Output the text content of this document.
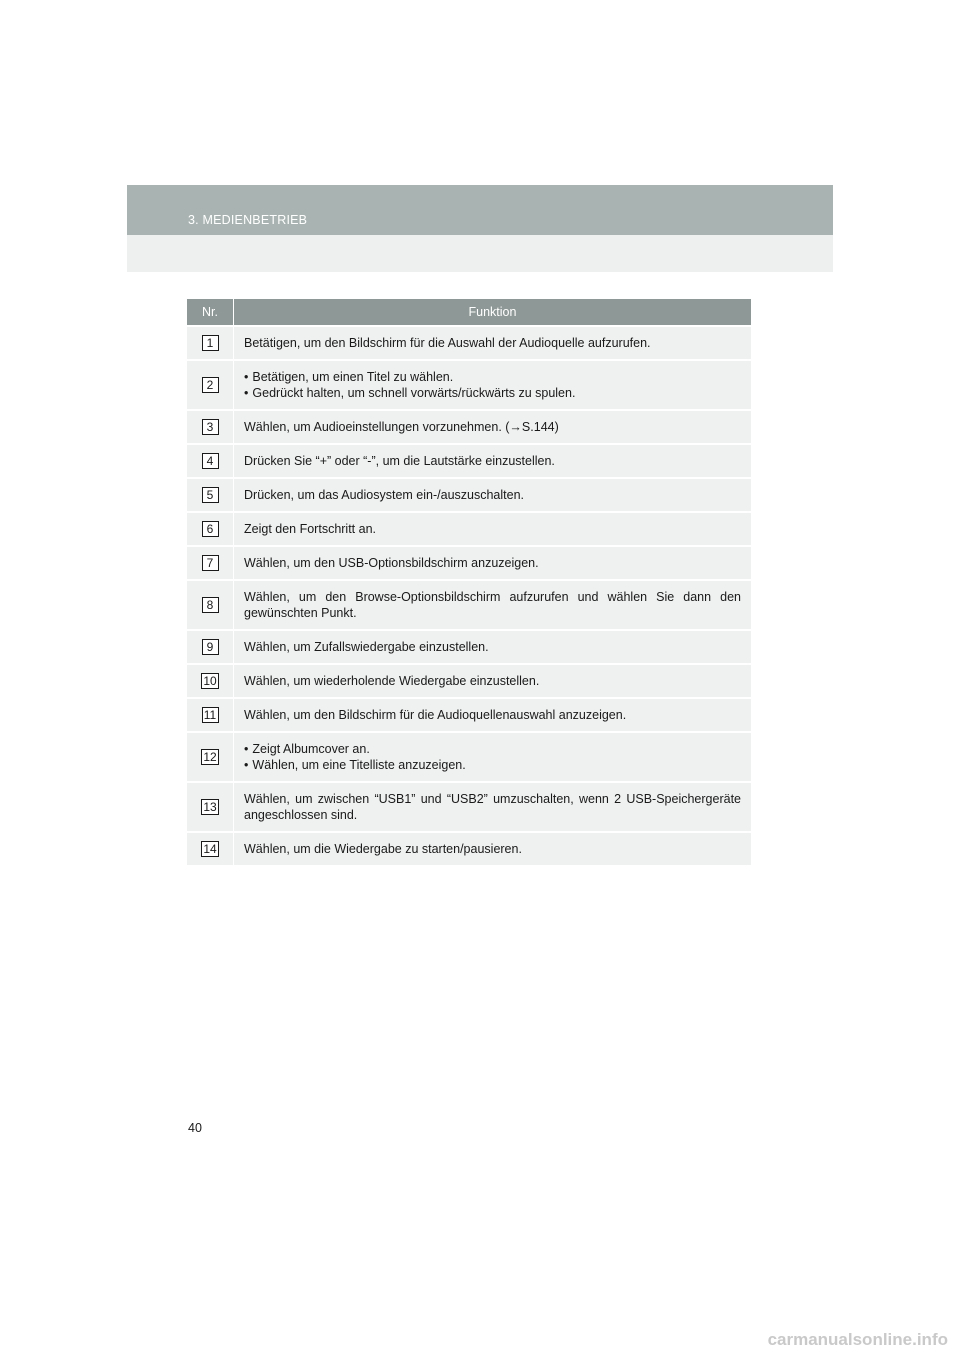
3. MEDIENBETRIEB
Nr.	Funktion
1	Betätigen, um den Bildschirm für die Auswahl der Audioquelle aufzurufen.
2	• Betätigen, um einen Titel zu wählen.
• Gedrückt halten, um schnell vorwärts/rückwärts zu spulen.

3	Wählen, um Audioeinstellungen vorzunehmen. (→S.144)
4	Drücken Sie “+” oder “-”, um die Lautstärke einzustellen.
5	Drücken, um das Audiosystem ein-/auszuschalten.
6	Zeigt den Fortschritt an.
7	Wählen, um den USB-Optionsbildschirm anzuzeigen.
8	Wählen, um den Browse-Optionsbildschirm aufzurufen und wählen Sie dann den gewünschten Punkt.
9	Wählen, um Zufallswiedergabe einzustellen.
10	Wählen, um wiederholende Wiedergabe einzustellen.
11	Wählen, um den Bildschirm für die Audioquellenauswahl anzuzeigen.
12	• Zeigt Albumcover an.
• Wählen, um eine Titelliste anzuzeigen.

13	Wählen, um zwischen “USB1” und “USB2” umzuschalten, wenn 2 USB-Speichergeräte angeschlossen sind.
14	Wählen, um die Wiedergabe zu starten/pausieren.
40
carmanualsonline.info
